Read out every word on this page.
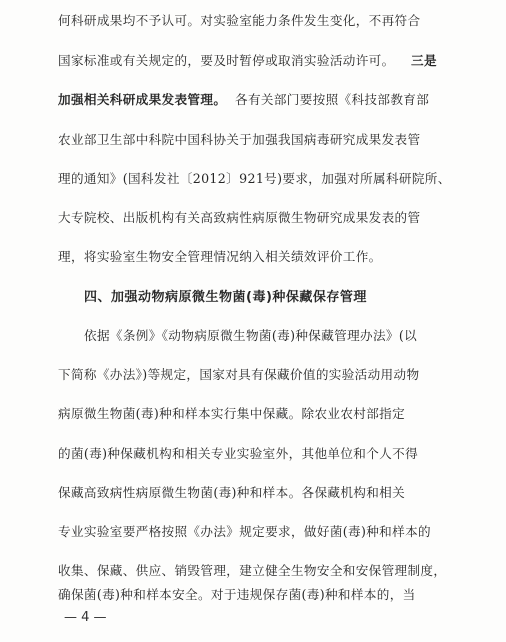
何科研成果均不予认可。对实验室能力条件发生变化，不再符合
国家标准或有关规定的，要及时暂停或取消实验活动许可。	三是
加强相关科研成果发表管理。 各有关部门要按照《科技部教育部
农业部卫生部中科院中国科协关于加强我国病毒研究成果发表管
理的通知》(国科发社〔2012〕921号)要求，加强对所属科研院所、
大专院校、出版机构有关高致病性病原微生物研究成果发表的管
理，将实验室生物安全管理情况纳入相关绩效评价工作。
四、加强动物病原微生物菌(毒)种保藏保存管理
依据《条例》《动物病原微生物菌(毒)种保藏管理办法》(以
下简称《办法》)等规定，国家对具有保藏价值的实验活动用动物
病原微生物菌(毒)种和样本实行集中保藏。除农业农村部指定
的菌(毒)种保藏机构和相关专业实验室外，其他单位和个人不得
保藏高致病性病原微生物菌(毒)种和样本。各保藏机构和相关
专业实验室要严格按照《办法》规定要求，做好菌(毒)种和样本的
收集、保藏、供应、销毁管理，建立健全生物安全和安保管理制度，
确保菌(毒)种和样本安全。对于违规保存菌(毒)种和样本的，当
— 4 —
